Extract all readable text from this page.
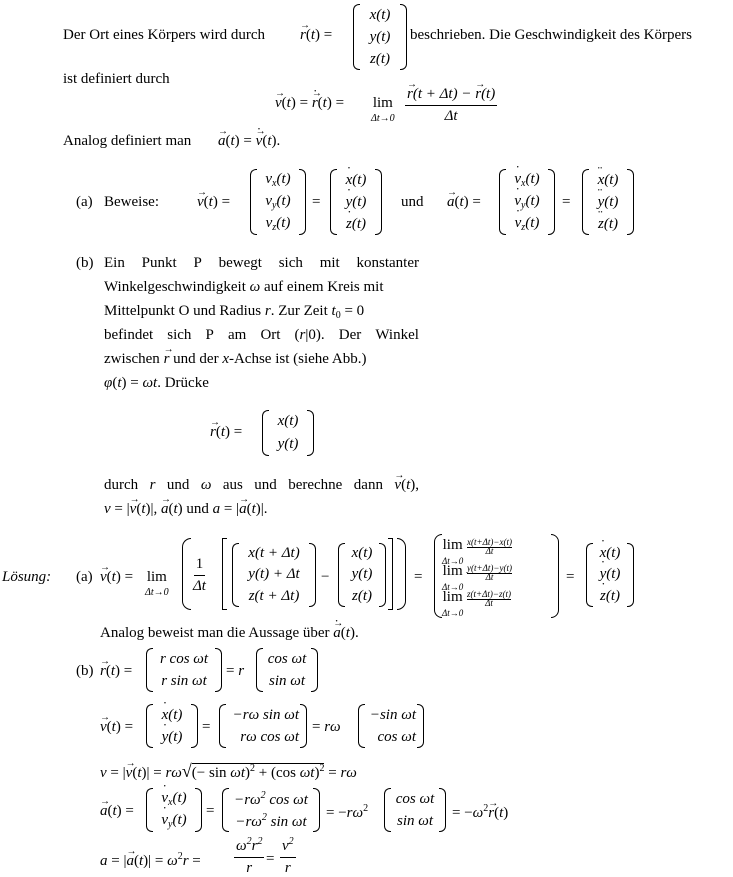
Der Ort eines Körpers wird durch
→ r(t) =
x(t)
y(t)
z(t)
beschrieben. Die Geschwindigkeit des Körpers
ist definiert durch
→ v(t) = ˙ → r(t) = lim
Δt→0
→ $\frac{r(t + \Delta t) - \to r(t)}{\Delta t}$
Analog definiert man
→ a(t) = ˙ → v(t).
(a) Beweise:
→	v(t) =
$v_x(t)$
$v_y(t)$
$v_z(t)$
=
˙ x(t)
˙ y(t)
˙ z(t)
und
→ a(t) =
˙ $v_x(t)$
˙ $v_y(t)$
˙ $v_z(t)$
=
¨ x(t)
¨ y(t)
¨ z(t)
(b) Ein Punkt P bewegt sich mit konstanter
Winkelgeschwindigkeit ω auf einem Kreis mit
Mittelpunkt O und Radius r. Zur Zeit $t_0 = 0$
befindet sich P am Ort (r|0). Der Winkel
zwischen → r und der x-Achse ist (siehe Abb.)
φ(t) = ωt. Drücke
→ r(t) =
x(t)
y(t)
durch r und ω aus und berechne dann
→ v(t),
v = |→ v(t)|, → a(t) und a = |→ a(t)|.
Lösung: (a)
→ v(t) = lim
$\Delta t\to 0 \frac{1}{\Delta t}$
x(t + Δt)
y(t) + Δt
z(t + Δt)
−
x(t)
y(t)
z(t)
=
lim
Δt→0 x(t+Δt)−x(t)
Δt
lim
Δt→0 y(t+Δt)−y(t)
Δt
lim
Δt→0 z(t+Δt)−z(t)
Δt
=
˙ x(t)
˙ y(t)
˙ z(t)
Analog beweist man die Aussage über ˙ → a(t).
(b)
→ r(t) =
r cos ωt
r sin ωt
= r
cos ωt
sin ωt
→ v(t) =
˙ x(t)
˙ y(t)
=
−rω sin ωt
rω cos ωt
= rω
−sin ωt
cos ωt
v = |→ $v(t)| = r\omega√(- \sin \omega t)^2 + (\cos$ ωt)$^2$ = rω
→ a(t) =
˙ $v_x(t)$
˙ $v_y(t)$
=
$-r\omega^2$ cos ωt
$-r\omega^2$ sin ωt
= $-r\omega^2$
cos ωt
$\sin \omega t = -\omega^2\to r(t)$
a = |→ $a(t)| = \omega^2r = \frac{\omega^2r^2}{r} = \frac{v^2}{r}$
